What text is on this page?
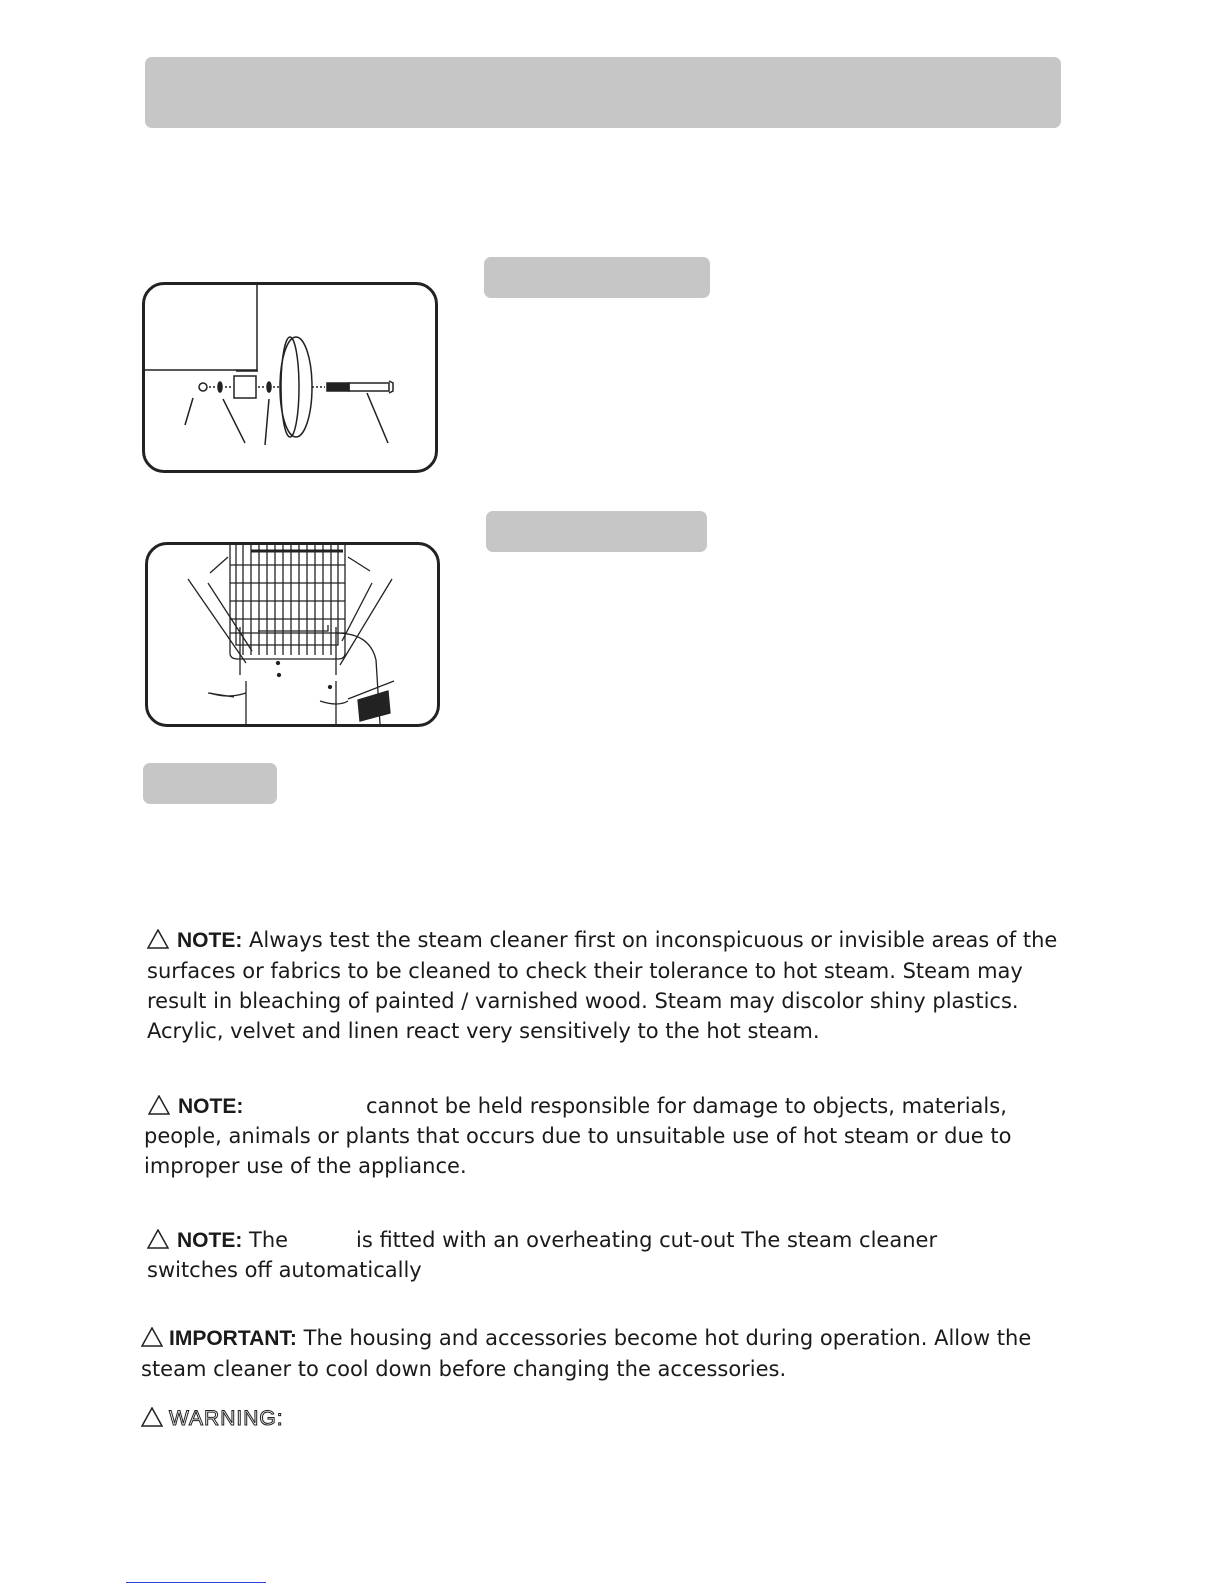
NOTE: Always test the steam cleaner first on inconspicuous or invisible areas of the
surfaces or fabrics to be cleaned to check their tolerance to hot steam. Steam may
result in bleaching of painted / varnished wood. Steam may discolor shiny plastics.
Acrylic, velvet and linen react very sensitively to the hot steam.
NOTE:	cannot be held responsible for damage to objects, materials,
people, animals or plants that occurs due to unsuitable use of hot steam or due to
improper use of the appliance.
NOTE: The	is fitted with an overheating cut-out The steam cleaner
switches off automatically
IMPORTANT: The housing and accessories become hot during operation. Allow the
steam cleaner to cool down before changing the accessories.
WARNING:
